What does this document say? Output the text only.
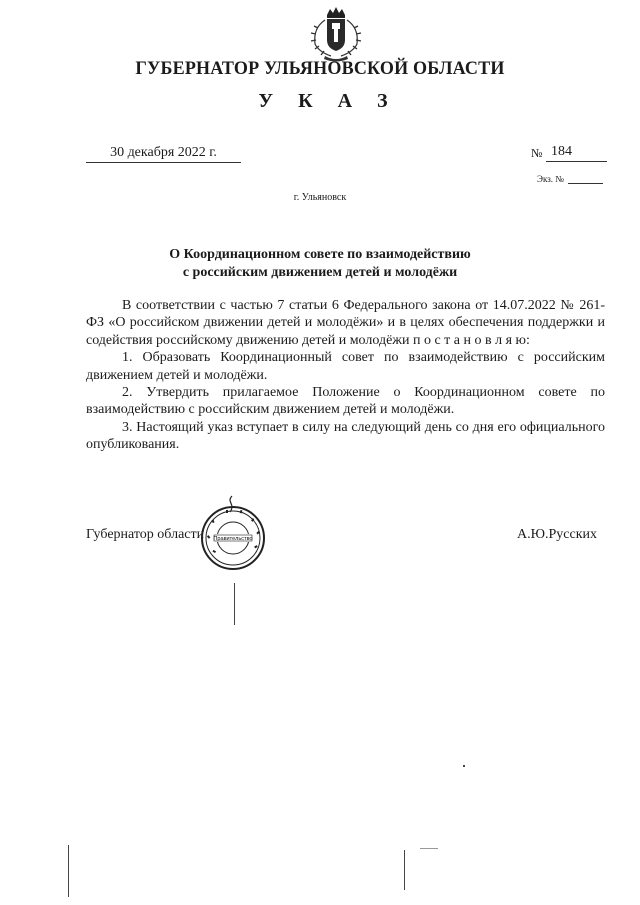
ГУБЕРНАТОР УЛЬЯНОВСКОЙ ОБЛАСТИ
У К А З
30 декабря 2022 г.	№ 184
Экз. №
г. Ульяновск
О Координационном совете по взаимодействию
с российским движением детей и молодёжи

В соответствии с частью 7 статьи 6 Федерального закона от 14.07.2022 № 261-ФЗ «О российском движении детей и молодёжи» и в целях обеспечения поддержки и содействия российскому движению детей и молодёжи п о с т а н о в л я ю:

1. Образовать Координационный совет по взаимодействию с российским движением детей и молодёжи.

2. Утвердить прилагаемое Положение о Координационном совете по взаимодействию с российским движением детей и молодёжи.

3. Настоящий указ вступает в силу на следующий день со дня его официального опубликования.

Губернатор области	А.Ю.Русских
Правительство
Ульяновской области
